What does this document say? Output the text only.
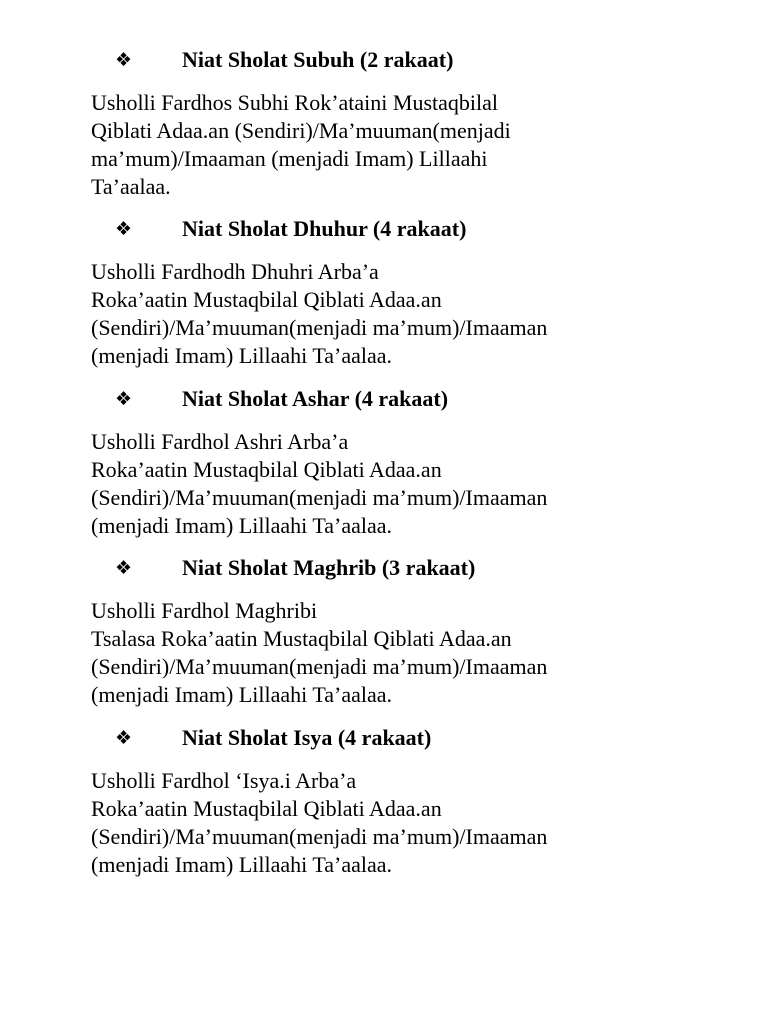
❖ Niat Sholat Subuh (2 rakaat)
Usholli Fardhos Subhi Rok’ataini Mustaqbilal
Qiblati Adaa.an (Sendiri)/Ma’muuman(menjadi
ma’mum)/Imaaman (menjadi Imam) Lillaahi
Ta’aalaa.
❖ Niat Sholat Dhuhur (4 rakaat)
Usholli Fardhodh Dhuhri Arba’a
Roka’aatin Mustaqbilal Qiblati Adaa.an
(Sendiri)/Ma’muuman(menjadi ma’mum)/Imaaman
(menjadi Imam) Lillaahi Ta’aalaa.
❖ Niat Sholat Ashar (4 rakaat)
Usholli Fardhol Ashri Arba’a
Roka’aatin Mustaqbilal Qiblati Adaa.an
(Sendiri)/Ma’muuman(menjadi ma’mum)/Imaaman
(menjadi Imam) Lillaahi Ta’aalaa.
❖ Niat Sholat Maghrib (3 rakaat)
Usholli Fardhol Maghribi
Tsalasa Roka’aatin Mustaqbilal Qiblati Adaa.an
(Sendiri)/Ma’muuman(menjadi ma’mum)/Imaaman
(menjadi Imam) Lillaahi Ta’aalaa.
❖ Niat Sholat Isya (4 rakaat)
Usholli Fardhol ‘Isya.i Arba’a
Roka’aatin Mustaqbilal Qiblati Adaa.an
(Sendiri)/Ma’muuman(menjadi ma’mum)/Imaaman
(menjadi Imam) Lillaahi Ta’aalaa.
